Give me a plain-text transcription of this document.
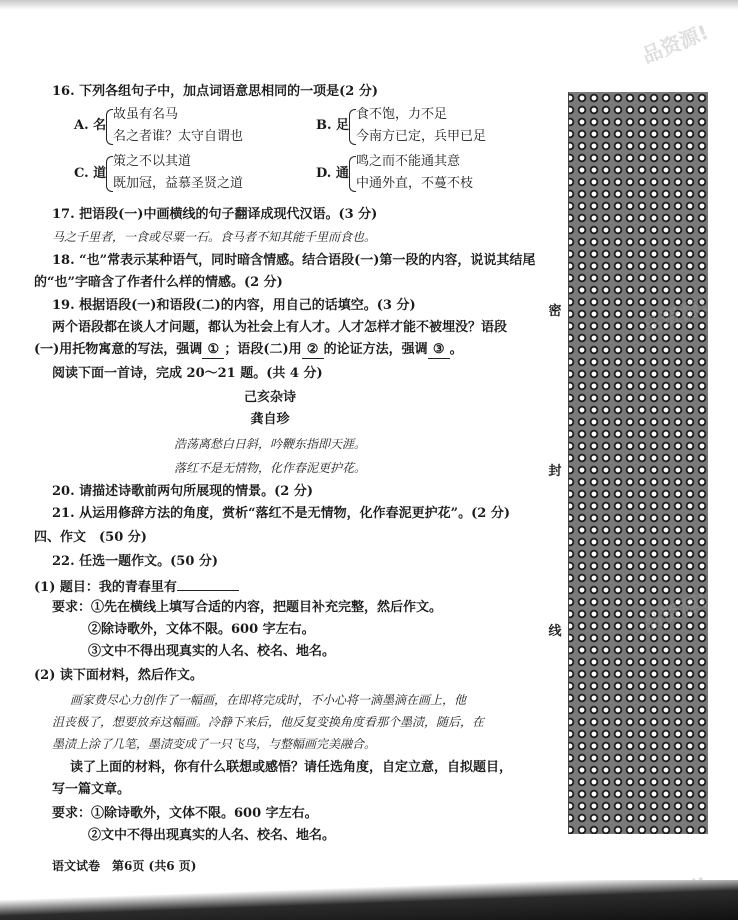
16. 下列各组句子中，加点词语意思相同的一项是(2 分)
A. 名
故虽有名马
名之者谁？太守自谓也
B. 足
食不饱，力不足
今南方已定，兵甲已足
C. 道
策之不以其道
既加冠，益慕圣贤之道
D. 通
鸣之而不能通其意
中通外直，不蔓不枝
17. 把语段(一)中画横线的句子翻译成现代汉语。(3 分)
马之千里者，一食或尽粟一石。食马者不知其能千里而食也。
18. “也”常表示某种语气，同时暗含情感。结合语段(一)第一段的内容，说说其结尾
的“也”字暗含了作者什么样的情感。(2 分)
19. 根据语段(一)和语段(二)的内容，用自己的话填空。(3 分)
两个语段都在谈人才问题，都认为社会上有人才。人才怎样才能不被埋没？语段
(一)用托物寓意的写法，强调 ① ；语段(二)用 ② 的论证方法，强调 ③ 。
阅读下面一首诗，完成 20～21 题。(共 4 分)
己亥杂诗
龚自珍
浩荡离愁白日斜，吟鞭东指即天涯。
落红不是无情物，化作春泥更护花。
20. 请描述诗歌前两句所展现的情景。(2 分)
21. 从运用修辞方法的角度，赏析“落红不是无情物，化作春泥更护花”。(2 分)
四、作文　(50 分)
22. 任选一题作文。(50 分)
(1) 题目：我的青春里有
要求：①先在横线上填写合适的内容，把题目补充完整，然后作文。
②除诗歌外，文体不限。600 字左右。
③文中不得出现真实的人名、校名、地名。
(2) 读下面材料，然后作文。
画家费尽心力创作了一幅画，在即将完成时，不小心将一滴墨滴在画上，他
沮丧极了，想要放弃这幅画。冷静下来后，他反复变换角度看那个墨渍，随后，在
墨渍上涂了几笔，墨渍变成了一只飞鸟，与整幅画完美融合。
读了上面的材料，你有什么联想或感悟？请任选角度，自定立意，自拟题目，
写一篇文章。
要求：①除诗歌外，文体不限。600 字左右。
②文中不得出现真实的人名、校名、地名。
密
封
线
语文试卷　第6页 (共6 页)
品资源!
品资源!
品资源!
